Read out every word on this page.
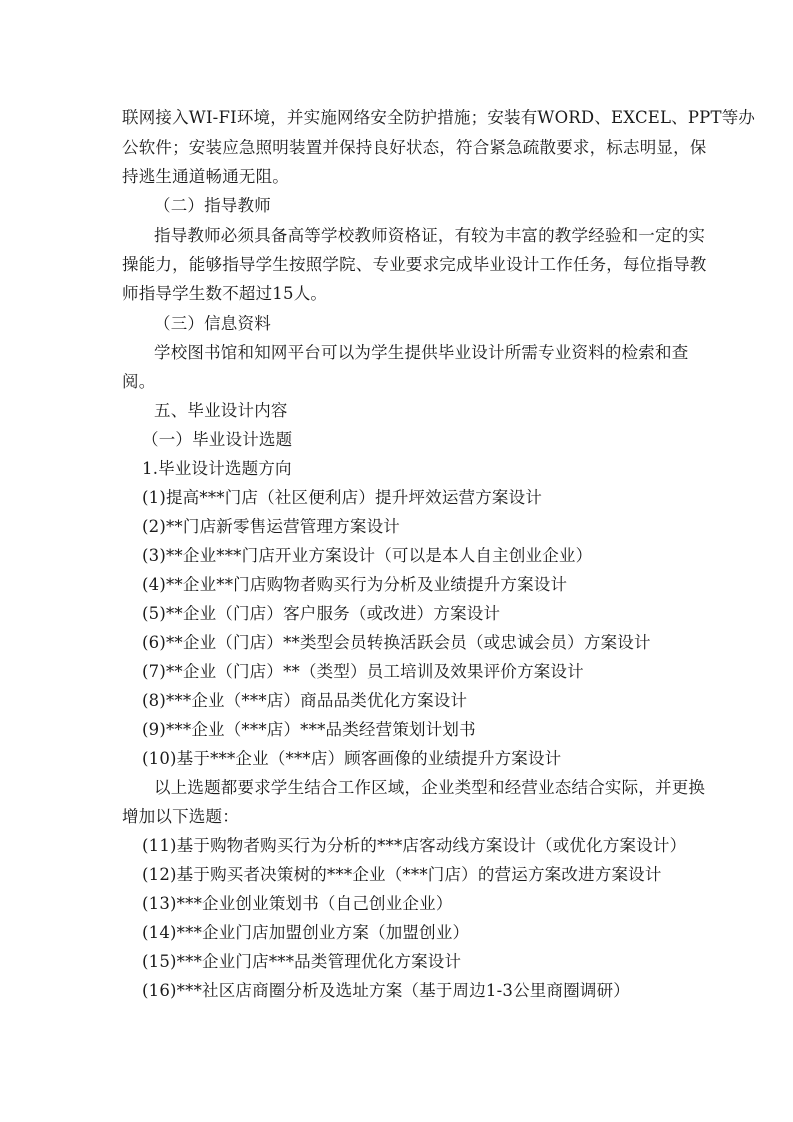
联网接入WI-FI环境，并实施网络安全防护措施；安装有WORD、EXCEL、PPT等办
公软件；安装应急照明装置并保持良好状态，符合紧急疏散要求，标志明显，保
持逃生通道畅通无阻。
（二）指导教师
指导教师必须具备高等学校教师资格证，有较为丰富的教学经验和一定的实
操能力，能够指导学生按照学院、专业要求完成毕业设计工作任务，每位指导教
师指导学生数不超过15人。
（三）信息资料
学校图书馆和知网平台可以为学生提供毕业设计所需专业资料的检索和查
阅。
五、毕业设计内容
（一）毕业设计选题
1.毕业设计选题方向
(1)提高***门店（社区便利店）提升坪效运营方案设计
(2)**门店新零售运营管理方案设计
(3)**企业***门店开业方案设计（可以是本人自主创业企业）
(4)**企业**门店购物者购买行为分析及业绩提升方案设计
(5)**企业（门店）客户服务（或改进）方案设计
(6)**企业（门店）**类型会员转换活跃会员（或忠诚会员）方案设计
(7)**企业（门店）**（类型）员工培训及效果评价方案设计
(8)***企业（***店）商品品类优化方案设计
(9)***企业（***店）***品类经营策划计划书
(10)基于***企业（***店）顾客画像的业绩提升方案设计
以上选题都要求学生结合工作区域，企业类型和经营业态结合实际，并更换
增加以下选题：
(11)基于购物者购买行为分析的***店客动线方案设计（或优化方案设计）
(12)基于购买者决策树的***企业（***门店）的营运方案改进方案设计
(13)***企业创业策划书（自己创业企业）
(14)***企业门店加盟创业方案（加盟创业）
(15)***企业门店***品类管理优化方案设计
(16)***社区店商圈分析及选址方案（基于周边1-3公里商圈调研）
